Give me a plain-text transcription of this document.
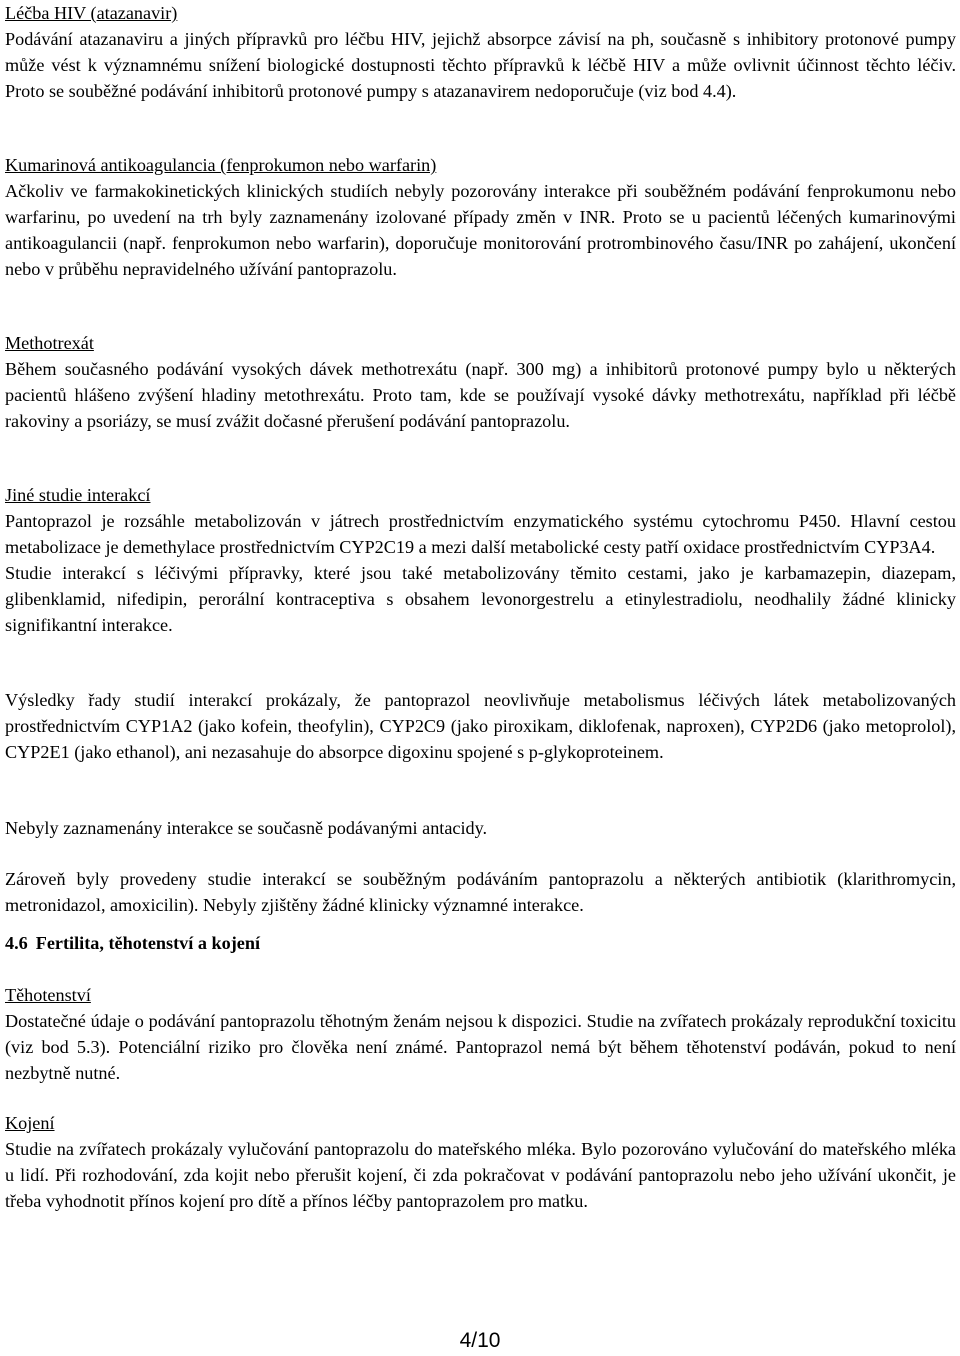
Léčba HIV (atazanavir)
Podávání atazanaviru a jiných přípravků pro léčbu HIV, jejichž absorpce závisí na ph, současně s inhibitory protonové pumpy může vést k významnému snížení biologické dostupnosti těchto přípravků k léčbě HIV a může ovlivnit účinnost těchto léčiv. Proto se souběžné podávání inhibitorů protonové pumpy s atazanavirem nedoporučuje (viz bod 4.4).
Kumarinová antikoagulancia (fenprokumon nebo warfarin)
Ačkoliv ve farmakokinetických klinických studiích nebyly pozorovány interakce při souběžném podávání fenprokumonu nebo warfarinu, po uvedení na trh byly zaznamenány izolované případy změn v INR. Proto se u pacientů léčených kumarinovými antikoagulancii (např. fenprokumon nebo warfarin), doporučuje monitorování protrombinového času/INR po zahájení, ukončení nebo v průběhu nepravidelného užívání pantoprazolu.
Methotrexát
Během současného podávání vysokých dávek methotrexátu (např. 300 mg) a inhibitorů protonové pumpy bylo u některých pacientů hlášeno zvýšení hladiny metothrexátu. Proto tam, kde se používají vysoké dávky methotrexátu, například při léčbě rakoviny a psoriázy, se musí zvážit dočasné přerušení podávání pantoprazolu.
Jiné studie interakcí
Pantoprazol je rozsáhle metabolizován v játrech prostřednictvím enzymatického systému cytochromu P450. Hlavní cestou metabolizace je demethylace prostřednictvím CYP2C19 a mezi další metabolické cesty patří oxidace prostřednictvím CYP3A4.
Studie interakcí s léčivými přípravky, které jsou také metabolizovány těmito cestami, jako je karbamazepin, diazepam, glibenklamid, nifedipin, perorální kontraceptiva s obsahem levonorgestrelu a etinylestradiolu, neodhalily žádné klinicky signifikantní interakce.
Výsledky řady studií interakcí prokázaly, že pantoprazol neovlivňuje metabolismus léčivých látek metabolizovaných prostřednictvím CYP1A2 (jako kofein, theofylin), CYP2C9 (jako piroxikam, diklofenak, naproxen), CYP2D6 (jako metoprolol), CYP2E1 (jako ethanol), ani nezasahuje do absorpce digoxinu spojené s p-glykoproteinem.
Nebyly zaznamenány interakce se současně podávanými antacidy.
Zároveň byly provedeny studie interakcí se souběžným podáváním pantoprazolu a některých antibiotik (klarithromycin, metronidazol, amoxicilin). Nebyly zjištěny žádné klinicky významné interakce.
4.6 Fertilita, těhotenství a kojení
Těhotenství
Dostatečné údaje o podávání pantoprazolu těhotným ženám nejsou k dispozici. Studie na zvířatech prokázaly reprodukční toxicitu (viz bod 5.3). Potenciální riziko pro člověka není známé. Pantoprazol nemá být během těhotenství podáván, pokud to není nezbytně nutné.
Kojení
Studie na zvířatech prokázaly vylučování pantoprazolu do mateřského mléka. Bylo pozorováno vylučování do mateřského mléka u lidí. Při rozhodování, zda kojit nebo přerušit kojení, či zda pokračovat v podávání pantoprazolu nebo jeho užívání ukončit, je třeba vyhodnotit přínos kojení pro dítě a přínos léčby pantoprazolem pro matku.
4/10
